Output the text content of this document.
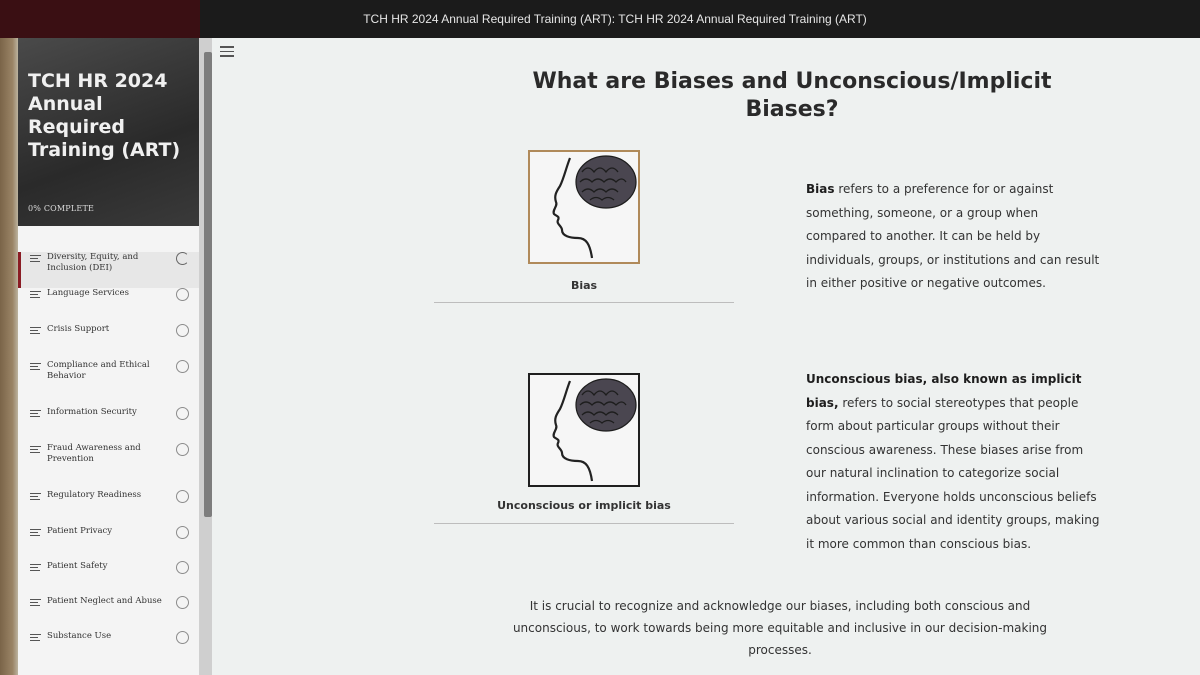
TCH HR 2024 Annual Required Training (ART): TCH HR 2024 Annual Required Training (ART)
TCH HR 2024 Annual Required Training (ART)
0% COMPLETE
Diversity, Equity, and Inclusion (DEI)
Language Services
Crisis Support
Compliance and Ethical Behavior
Information Security
Fraud Awareness and Prevention
Regulatory Readiness
Patient Privacy
Patient Safety
Patient Neglect and Abuse
Substance Use
What are Biases and Unconscious/Implicit Biases?
Bias

Bias refers to a preference for or against something, someone, or a group when compared to another. It can be held by individuals, groups, or institutions and can result in either positive or negative outcomes.

Unconscious or implicit bias

Unconscious bias, also known as implicit bias, refers to social stereotypes that people form about particular groups without their conscious awareness. These biases arise from our natural inclination to categorize social information. Everyone holds unconscious beliefs about various social and identity groups, making it more common than conscious bias.

It is crucial to recognize and acknowledge our biases, including both conscious and unconscious, to work towards being more equitable and inclusive in our decision-making processes.
